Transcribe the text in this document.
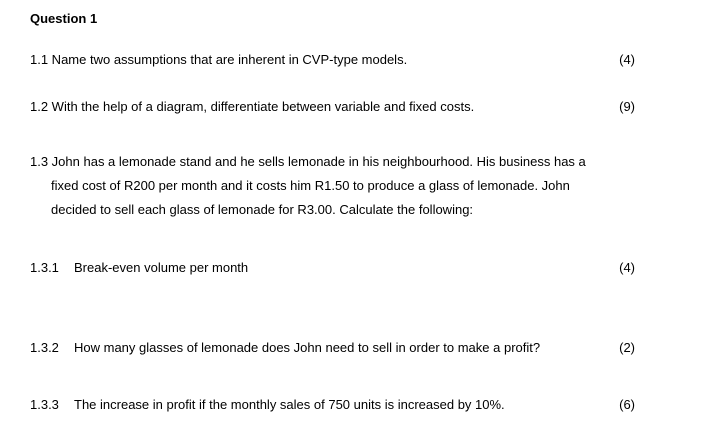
Question 1
1.1 Name two assumptions that are inherent in CVP-type models.	(4)
1.2 With the help of a diagram, differentiate between variable and fixed costs.	(9)
1.3 John has a lemonade stand and he sells lemonade in his neighbourhood. His business has a
fixed cost of R200 per month and it costs him R1.50 to produce a glass of lemonade. John
decided to sell each glass of lemonade for R3.00. Calculate the following:
1.3.1 Break-even volume per month	(4)
1.3.2 How many glasses of lemonade does John need to sell in order to make a profit?	(2)
1.3.3 The increase in profit if the monthly sales of 750 units is increased by 10%.	(6)
